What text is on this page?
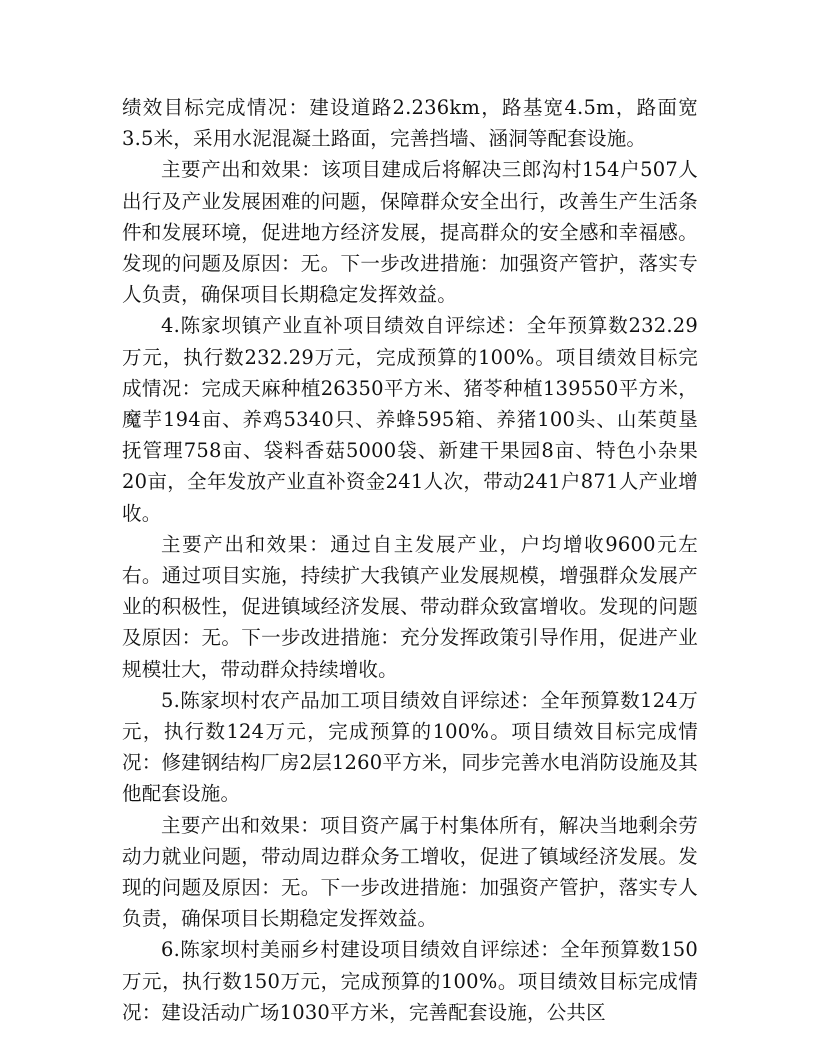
绩效目标完成情况：建设道路2.236km，路基宽4.5m，路面宽3.5米，采用水泥混凝土路面，完善挡墙、涵洞等配套设施。

主要产出和效果：该项目建成后将解决三郎沟村154户507人出行及产业发展困难的问题，保障群众安全出行，改善生产生活条件和发展环境，促进地方经济发展，提高群众的安全感和幸福感。发现的问题及原因：无。下一步改进措施：加强资产管护，落实专人负责，确保项目长期稳定发挥效益。

4.陈家坝镇产业直补项目绩效自评综述：全年预算数232.29万元，执行数232.29万元，完成预算的100%。项目绩效目标完成情况：完成天麻种植26350平方米、猪苓种植139550平方米，魔芋194亩、养鸡5340只、养蜂595箱、养猪100头、山茱萸垦抚管理758亩、袋料香菇5000袋、新建干果园8亩、特色小杂果20亩，全年发放产业直补资金241人次，带动241户871人产业增收。

主要产出和效果：通过自主发展产业，户均增收9600元左右。通过项目实施，持续扩大我镇产业发展规模，增强群众发展产业的积极性，促进镇域经济发展、带动群众致富增收。发现的问题及原因：无。下一步改进措施：充分发挥政策引导作用，促进产业规模壮大，带动群众持续增收。

5.陈家坝村农产品加工项目绩效自评综述：全年预算数124万元，执行数124万元，完成预算的100%。项目绩效目标完成情况：修建钢结构厂房2层1260平方米，同步完善水电消防设施及其他配套设施。

主要产出和效果：项目资产属于村集体所有，解决当地剩余劳动力就业问题，带动周边群众务工增收，促进了镇域经济发展。发现的问题及原因：无。下一步改进措施：加强资产管护，落实专人负责，确保项目长期稳定发挥效益。

6.陈家坝村美丽乡村建设项目绩效自评综述：全年预算数150万元，执行数150万元，完成预算的100%。项目绩效目标完成情况：建设活动广场1030平方米，完善配套设施，公共区
